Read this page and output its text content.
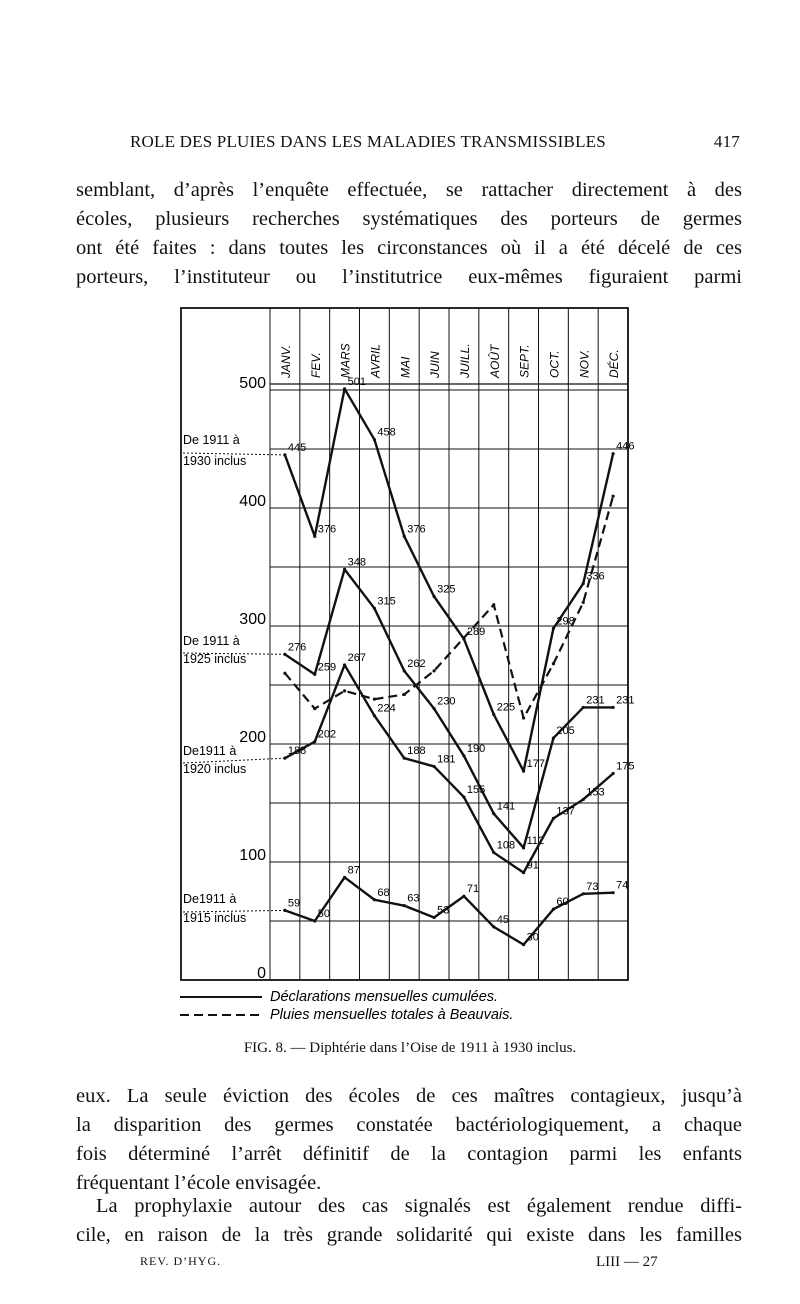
ROLE DES PLUIES DANS LES MALADIES TRANSMISSIBLES	417
semblant, d’après l’enquête effectuée, se rattacher directement à des
écoles, plusieurs recherches systématiques des porteurs de germes
ont été faites : dans toutes les circonstances où il a été décelé de ces
porteurs, l’instituteur ou l’institutrice eux-mêmes figuraient parmi
0
100
200
300
400
500
JANV. FEV. MARS AVRIL MAI JUIN JUILL. AOÛT SEPT. OCT. NOV. DÉC.
De 1911 à
1930 inclus
De 1911 à
1925 inclus
De1911 à
1920 inclus
De1911 à
1915 inclus
445
376
501
458
376
325
289
225
177
298
336
446
276
259
348
315
262
230
190
141
112
205
231 231
188
202
267
224
188
181
155
108
91
137
153
175
59
50
87
68 63
53
71
45
30
60
73 74
Déclarations mensuelles cumulées.
Pluies mensuelles totales à Beauvais.
FIG. 8. — Diphtérie dans l’Oise de 1911 à 1930 inclus.
eux. La seule éviction des écoles de ces maîtres contagieux, jusqu’à
la disparition des germes constatée bactériologiquement, a chaque
fois déterminé l’arrêt définitif de la contagion parmi les enfants
fréquentant l’école envisagée.
La prophylaxie autour des cas signalés est également rendue diffi-
cile, en raison de la très grande solidarité qui existe dans les familles
REV. D’HYG.	LIII — 27
